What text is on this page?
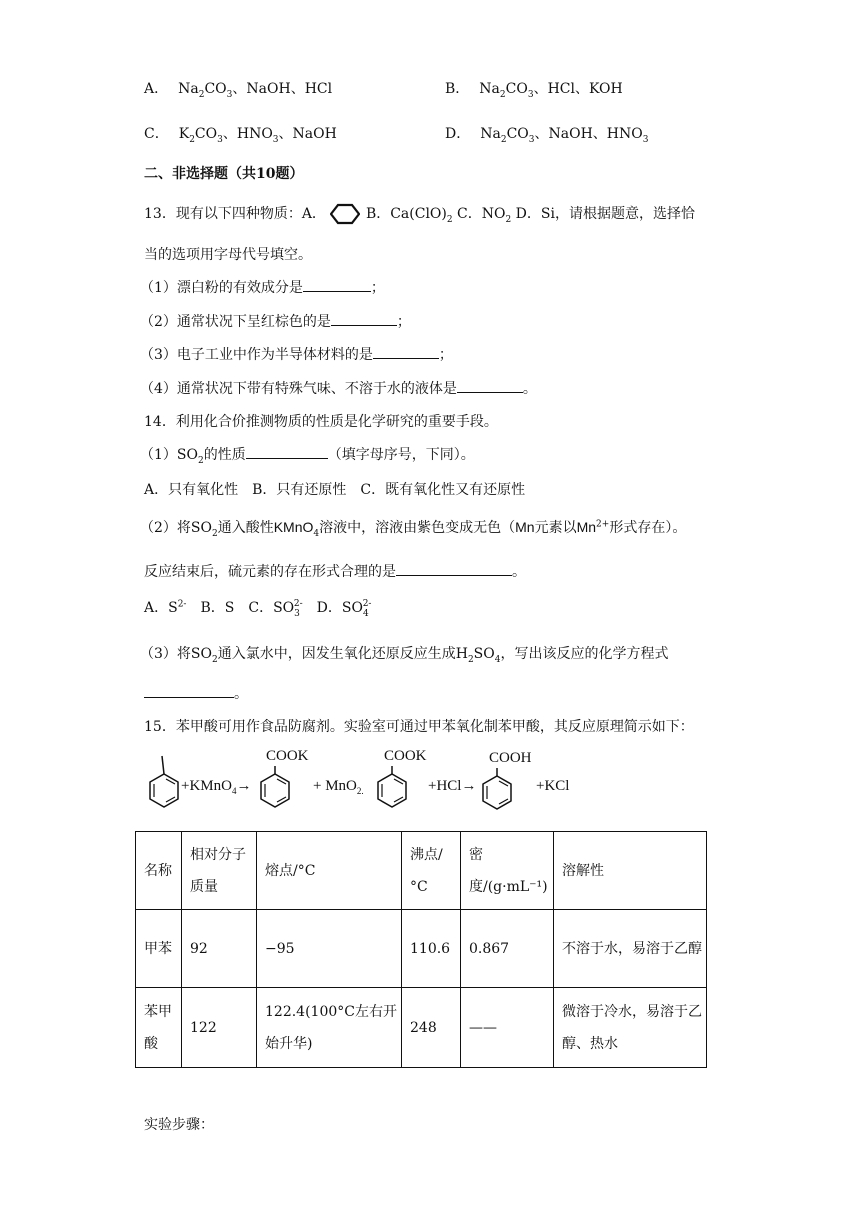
A． $Na_2CO_3$、NaOH、HCl	B． $Na_2CO_3$、HCl、KOH
C． $K_2CO_3$、$HNO_3$、NaOH	D． $Na_2CO_3$、NaOH、$HNO_3$
二、非选择题（共10题）
13．现有以下四种物质：A．	B．$Ca(ClO)_2$ C．$NO_2$ D．Si，请根据题意，选择恰
当的选项用字母代号填空。
（1）漂白粉的有效成分是	；
（2）通常状况下呈红棕色的是	；
（3）电子工业中作为半导体材料的是	；
（4）通常状况下带有特殊气味、不溶于水的液体是	。
14．利用化合价推测物质的性质是化学研究的重要手段。
$(1)SO_2$的性质	（填字母序号，下同）。
A．只有氧化性　B．只有还原性　C．既有氧化性又有还原性
（2）将$SO_2$通入酸性KMnO$_4$溶液中，溶液由紫色变成无色（Mn元素以$Mn^{2+}$形式存在）。
反应结束后，硫元素的存在形式合理的是	。
A．$S^{2-}$　B．S　C．$SO_3^{2-}$　D．$SO_4^{2-}$
（3）将$SO_2$通入氯水中，因发生氧化还原反应生成$H_2SO_4$，写出该反应的化学方程式
。
15．苯甲酸可用作食品防腐剂。实验室可通过甲苯氧化制苯甲酸，其反应原理简示如下：
+KMnO$_4$→
COOK
+ MnO$_{2.}$
COOK
+HCl→
COOH
+KCl
名称	相对分子质量	熔点/°C	沸点/°C	密度/(g·mL⁻¹)	溶解性
甲苯	92	−95	110.6	0.867	不溶于水，易溶于乙醇
苯甲酸	122	122.4(100°C左右开始升华)	248	——	微溶于冷水，易溶于乙醇、热水
实验步骤：
